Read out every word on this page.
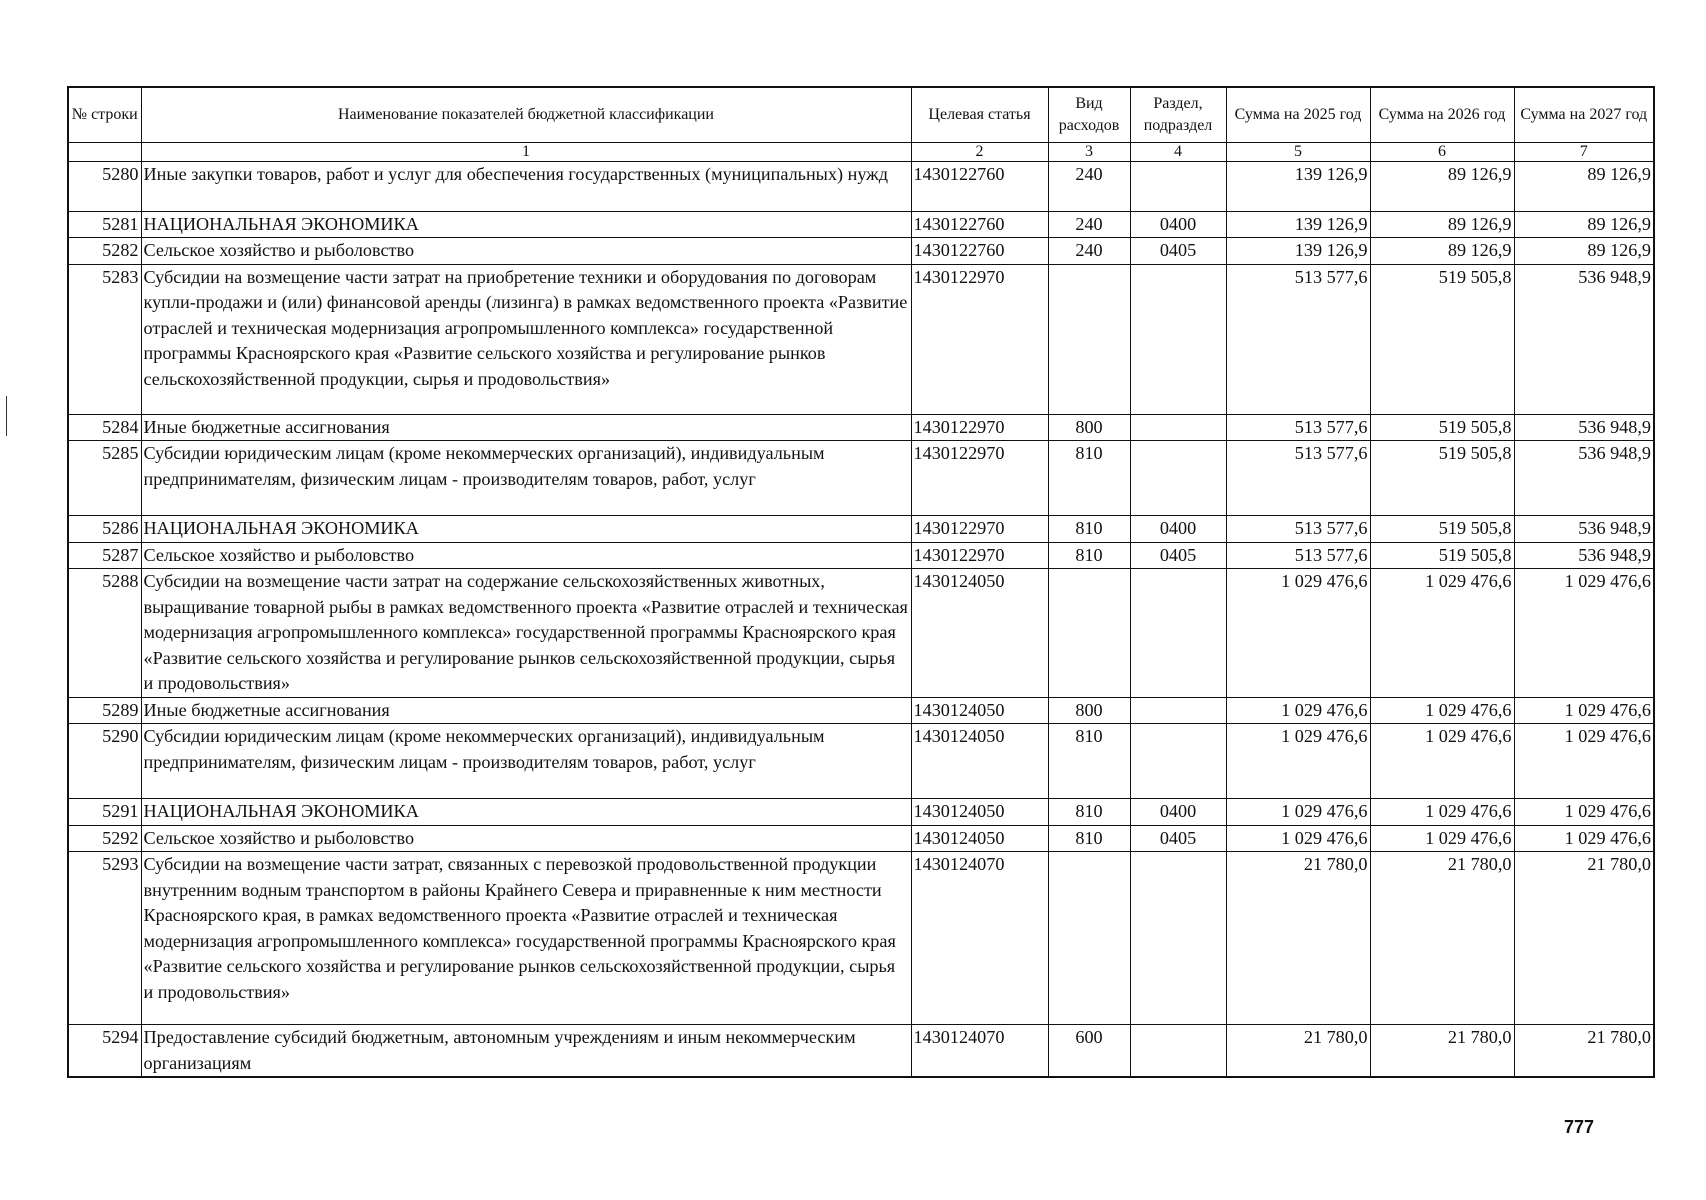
№ строки	Наименование показателей бюджетной классификации	Целевая статья	Вид расходов	Раздел, подраздел	Сумма на 2025 год	Сумма на 2026 год	Сумма на 2027 год
	1	2	3	4	5	6	7
5280	Иные закупки товаров, работ и услуг для обеспечения государственных (муниципальных) нужд	1430122760	240		139 126,9	89 126,9	89 126,9
5281	НАЦИОНАЛЬНАЯ ЭКОНОМИКА	1430122760	240	0400	139 126,9	89 126,9	89 126,9
5282	Сельское хозяйство и рыболовство	1430122760	240	0405	139 126,9	89 126,9	89 126,9
5283	Субсидии на возмещение части затрат на приобретение техники и оборудования по договорам купли-продажи и (или) финансовой аренды (лизинга) в рамках ведомственного проекта «Развитие отраслей и техническая модернизация агропромышленного комплекса» государственной программы Красноярского края «Развитие сельского хозяйства и регулирование рынков сельскохозяйственной продукции, сырья и продовольствия»	1430122970			513 577,6	519 505,8	536 948,9
5284	Иные бюджетные ассигнования	1430122970	800		513 577,6	519 505,8	536 948,9
5285	Субсидии юридическим лицам (кроме некоммерческих организаций), индивидуальным предпринимателям, физическим лицам - производителям товаров, работ, услуг	1430122970	810		513 577,6	519 505,8	536 948,9
5286	НАЦИОНАЛЬНАЯ ЭКОНОМИКА	1430122970	810	0400	513 577,6	519 505,8	536 948,9
5287	Сельское хозяйство и рыболовство	1430122970	810	0405	513 577,6	519 505,8	536 948,9
5288	Субсидии на возмещение части затрат на содержание сельскохозяйственных животных, выращивание товарной рыбы в рамках ведомственного проекта «Развитие отраслей и техническая модернизация агропромышленного комплекса» государственной программы Красноярского края «Развитие сельского хозяйства и регулирование рынков сельскохозяйственной продукции, сырья и продовольствия»	1430124050			1 029 476,6	1 029 476,6	1 029 476,6
5289	Иные бюджетные ассигнования	1430124050	800		1 029 476,6	1 029 476,6	1 029 476,6
5290	Субсидии юридическим лицам (кроме некоммерческих организаций), индивидуальным предпринимателям, физическим лицам - производителям товаров, работ, услуг	1430124050	810		1 029 476,6	1 029 476,6	1 029 476,6
5291	НАЦИОНАЛЬНАЯ ЭКОНОМИКА	1430124050	810	0400	1 029 476,6	1 029 476,6	1 029 476,6
5292	Сельское хозяйство и рыболовство	1430124050	810	0405	1 029 476,6	1 029 476,6	1 029 476,6
5293	Субсидии на возмещение части затрат, связанных с перевозкой продовольственной продукции внутренним водным транспортом в районы Крайнего Севера и приравненные к ним местности Красноярского края, в рамках ведомственного проекта «Развитие отраслей и техническая модернизация агропромышленного комплекса» государственной программы Красноярского края «Развитие сельского хозяйства и регулирование рынков сельскохозяйственной продукции, сырья и продовольствия»	1430124070			21 780,0	21 780,0	21 780,0
5294	Предоставление субсидий бюджетным, автономным учреждениям и иным некоммерческим организациям	1430124070	600		21 780,0	21 780,0	21 780,0
777
